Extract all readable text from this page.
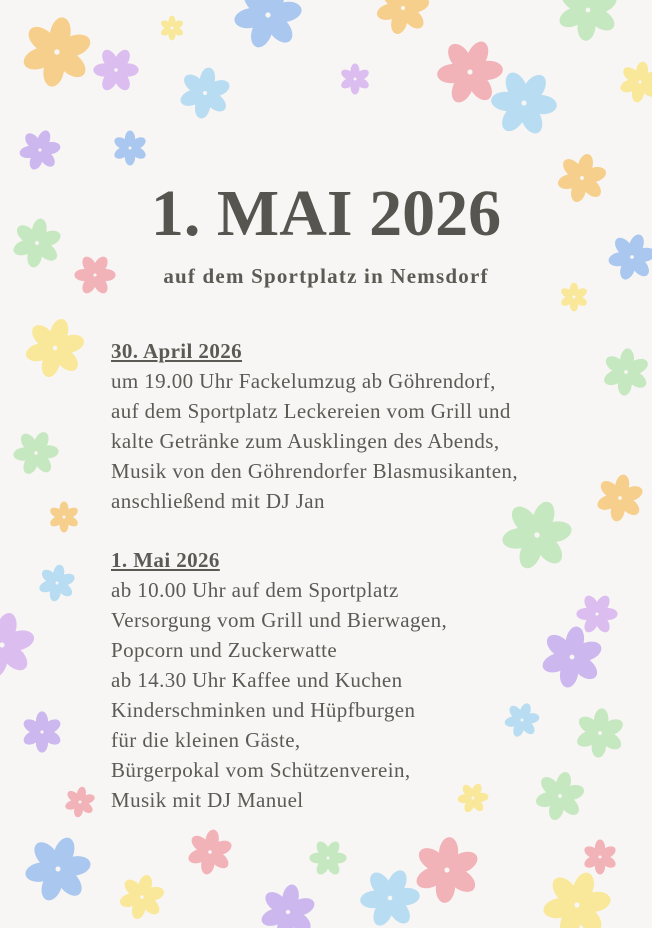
1. MAI 2026

auf dem Sportplatz in Nemsdorf

30. April 2026

um 19.00 Uhr Fackelumzug ab Göhrendorf,

auf dem Sportplatz Leckereien vom Grill und

kalte Getränke zum Ausklingen des Abends,

Musik von den Göhrendorfer Blasmusikanten,

anschließend mit DJ Jan

1. Mai 2026

ab 10.00 Uhr auf dem Sportplatz

Versorgung vom Grill und Bierwagen,

Popcorn und Zuckerwatte

ab 14.30 Uhr Kaffee und Kuchen

Kinderschminken und Hüpfburgen

für die kleinen Gäste,

Bürgerpokal vom Schützenverein,

Musik mit DJ Manuel
